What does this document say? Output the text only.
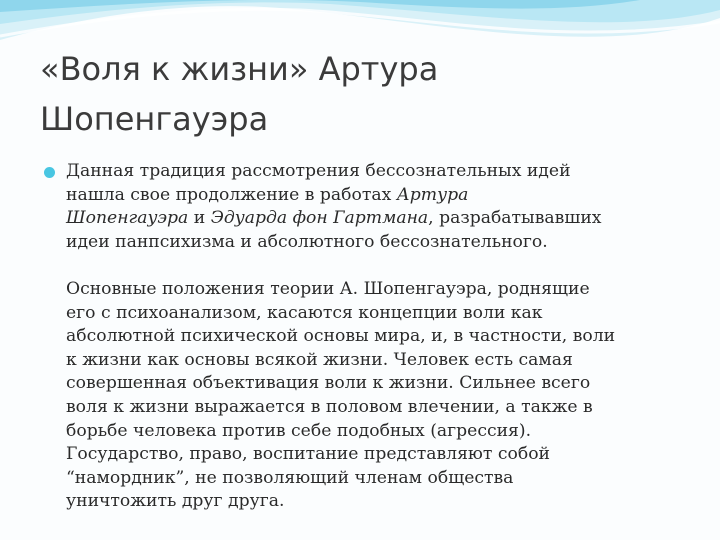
«Воля к жизни» Артура
Шопенгауэра
Данная традиция рассмотрения бессознательных идей
нашла свое продолжение в работах Артура
Шопенгауэра и Эдуарда фон Гартмана, разрабатывавших
идеи панпсихизма и абсолютного бессознательного.
Основные положения теории А. Шопенгауэра, роднящие
его с психоанализом, касаются концепции воли как
абсолютной психической основы мира, и, в частности, воли
к жизни как основы всякой жизни. Человек есть самая
совершенная объективация воли к жизни. Сильнее всего
воля к жизни выражается в половом влечении, а также в
борьбе человека против себе подобных (агрессия).
Государство, право, воспитание представляют собой
“намордник”, не позволяющий членам общества
уничтожить друг друга.
